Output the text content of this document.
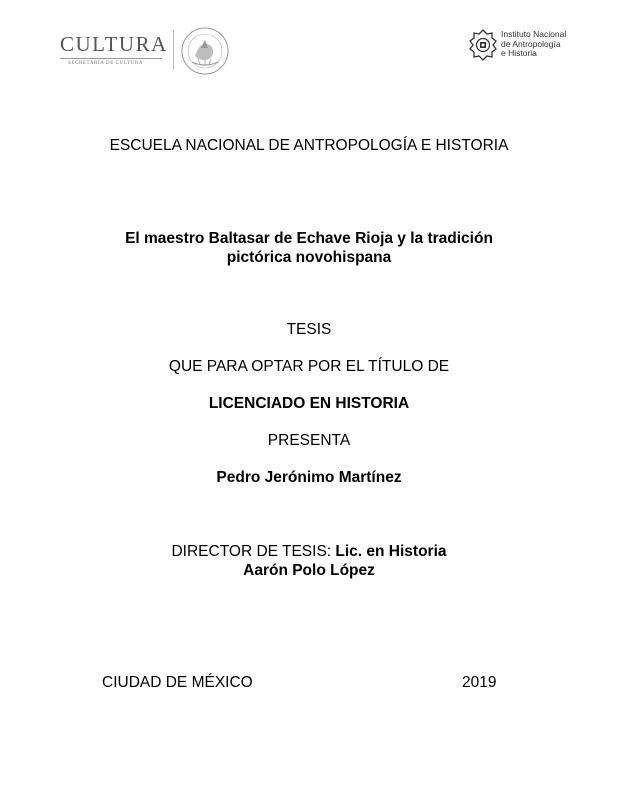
CULTURA
SECRETARÍA DE CULTURA
Instituto Nacional
de Antropología
e Historia
ESCUELA NACIONAL DE ANTROPOLOGÍA E HISTORIA
El maestro Baltasar de Echave Rioja y la tradición
pictórica novohispana
TESIS
QUE PARA OPTAR POR EL TÍTULO DE
LICENCIADO EN HISTORIA
PRESENTA
Pedro Jerónimo Martínez
DIRECTOR DE TESIS: Lic. en Historia
Aarón Polo López
CIUDAD DE MÉXICO	2019
